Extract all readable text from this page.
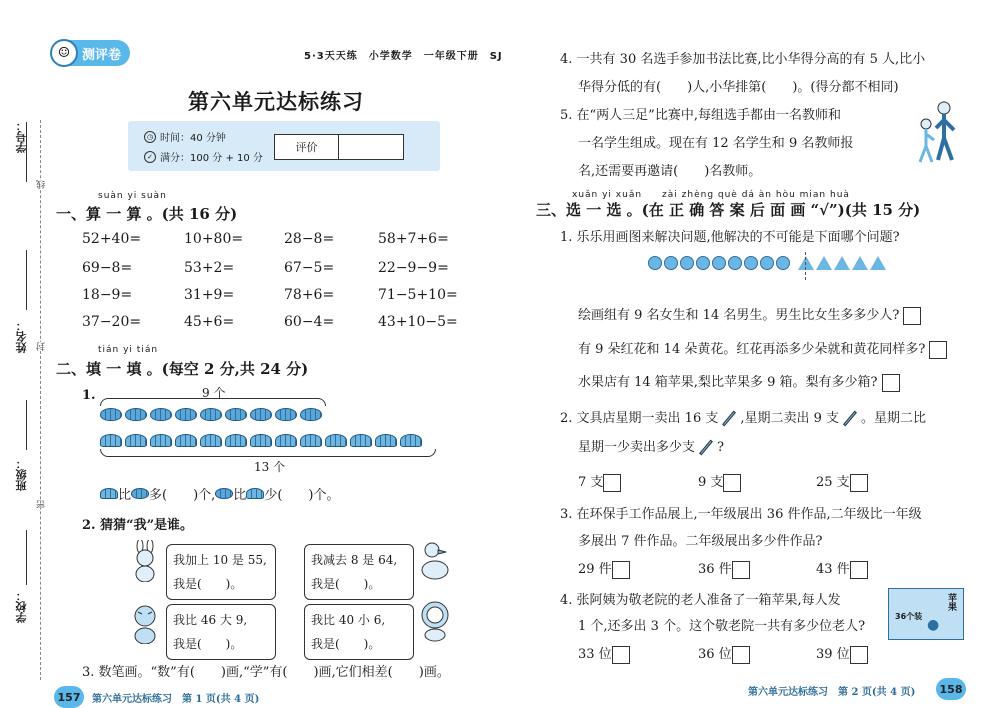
学号：
线
姓名： 封
班级：
密
学校：
☺ 测评卷	5·3天天练　小学数学　一年级下册　SJ
第六单元达标练习
◷ 时间：40 分钟
✓ 满分：100 分 + 10 分
评价
suàn yi suàn
一、算 一 算 。(共 16 分)
52+40=	10+80=	28−8=	58+7+6=
69−8=	53+2=	67−5=	22−9−9=
18−9=	31+9=	78+6=	71−5+10=
37−20=	45+6=	60−4=	43+10−5=
tián yi tián
二、填 一 填 。(每空 2 分,共 24 分)
1.	9 个
13 个
比 多(　　)个, 比 少(　　)个。
2. 猜猜“我”是谁。
我加上 10 是 55,
我是(　　)。
我减去 8 是 64,
我是(　　)。
我比 46 大 9,
我是(　　)。
我比 40 小 6,
我是(　　)。
3. 数笔画。“数”有(　　)画,“学”有(　　)画,它们相差(　　)画。
157	第六单元达标练习　第 1 页(共 4 页)
4. 一共有 30 名选手参加书法比赛,比小华得分高的有 5 人,比小
华得分低的有(　　)人,小华排第(　　)。(得分都不相同)
5. 在“两人三足”比赛中,每组选手都由一名教师和
一名学生组成。现在有 12 名学生和 9 名教师报
名,还需要再邀请(　　)名教师。
xuǎn yi xuǎn　　zài zhèng què dá àn hòu mian huà
三、选 一 选 。(在 正 确 答 案 后 面 画 “√”)(共 15 分)
1. 乐乐用画图来解决问题,他解决的不可能是下面哪个问题?
绘画组有 9 名女生和 14 名男生。男生比女生多多少人?
有 9 朵红花和 14 朵黄花。红花再添多少朵就和黄花同样多?
水果店有 14 箱苹果,梨比苹果多 9 箱。梨有多少箱?
2. 文具店星期一卖出 16 支 ,星期二卖出 9 支 。星期二比
星期一少卖出多少支 ?
7 支	9 支	25 支
3. 在环保手工作品展上,一年级展出 36 件作品,二年级比一年级
多展出 7 件作品。二年级展出多少件作品?
29 件	36 件	43 件
4. 张阿姨为敬老院的老人准备了一箱苹果,每人发
1 个,还多出 3 个。这个敬老院一共有多少位老人?
36个装
苹果
●
33 位	36 位	39 位
第六单元达标练习　第 2 页(共 4 页)	158
